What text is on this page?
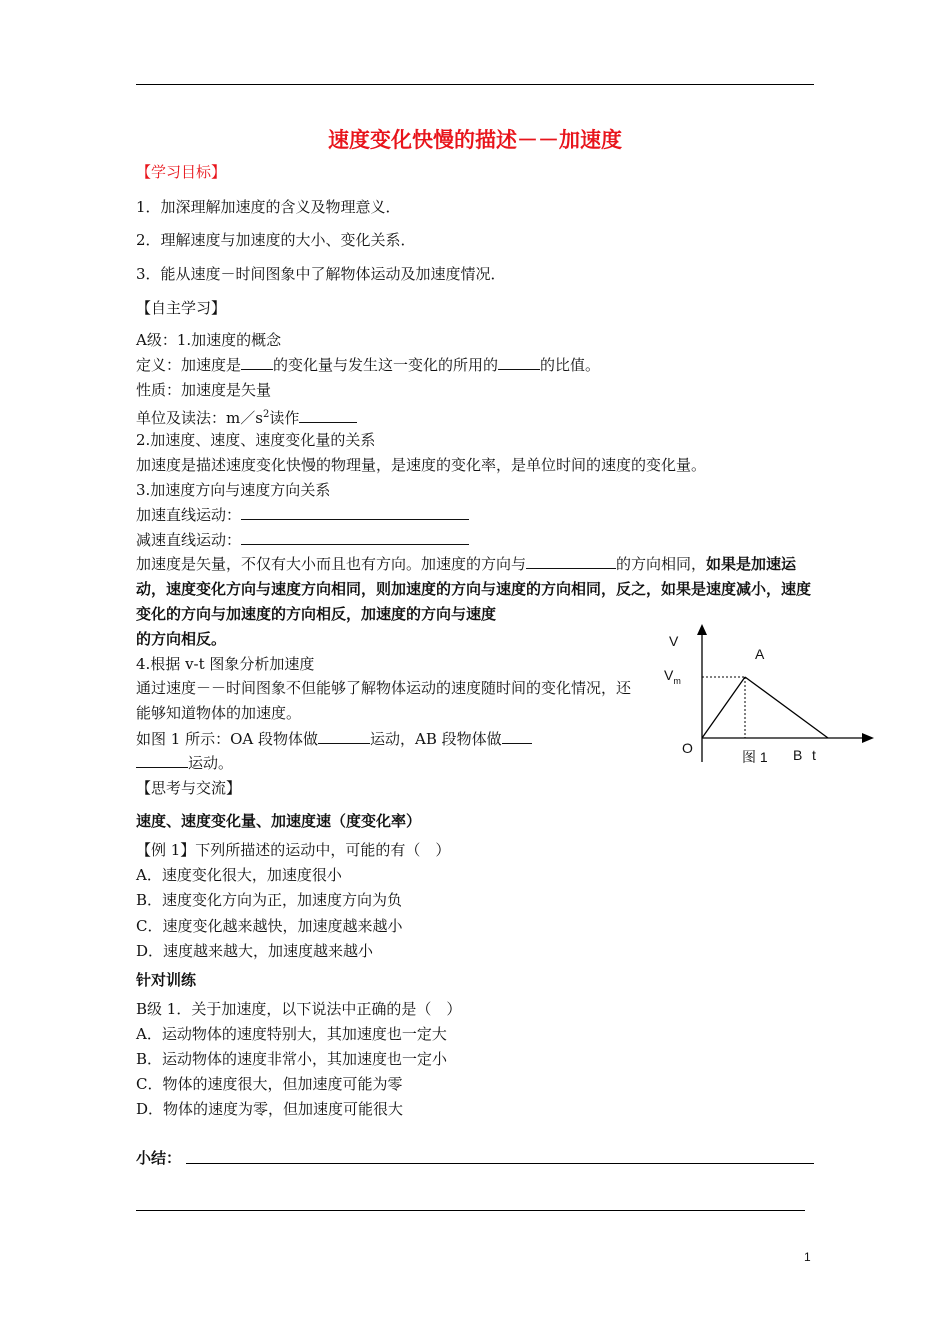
速度变化快慢的描述－－加速度
【学习目标】
1．加深理解加速度的含义及物理意义．
2．理解速度与加速度的大小、变化关系．
3．能从速度－时间图象中了解物体运动及加速度情况．
【自主学习】
A级：1.加速度的概念
定义：加速度是 的变化量与发生这一变化的所用的	的比值。
性质：加速度是矢量
单位及读法：$m/s^2$读作
2.加速度、速度、速度变化量的关系
加速度是描述速度变化快慢的物理量，是速度的变化率，是单位时间的速度的变化量。
3.加速度方向与速度方向关系
加速直线运动：
减速直线运动：
加速度是矢量，不仅有大小而且也有方向。加速度的方向与	的方向相同，如果是加速运动，速度变化方向与速度方向相同，则加速度的方向与速度的方向相同，反之，如果是速度减小，速度变化的方向与加速度的方向相反，加速度的方向与速度
的方向相反。
4.根据 v-t 图象分析加速度
通过速度－－时间图象不但能够了解物体运动的速度随时间的变化情况，还能够知道物体的加速度。
如图 1 所示：OA 段物体做	运动，AB 段物体做
运动。
V
A
$V_m$
O
图 1 B t
【思考与交流】
速度、速度变化量、加速度速（度变化率）
【例 1】下列所描述的运动中，可能的有（　）
A．速度变化很大，加速度很小
B．速度变化方向为正，加速度方向为负
C．速度变化越来越快，加速度越来越小
D．速度越来越大，加速度越来越小
针对训练
B级 1．关于加速度，以下说法中正确的是（　）
A．运动物体的速度特别大，其加速度也一定大
B．运动物体的速度非常小，其加速度也一定小
C．物体的速度很大，但加速度可能为零
D．物体的速度为零，但加速度可能很大
小结：
1
